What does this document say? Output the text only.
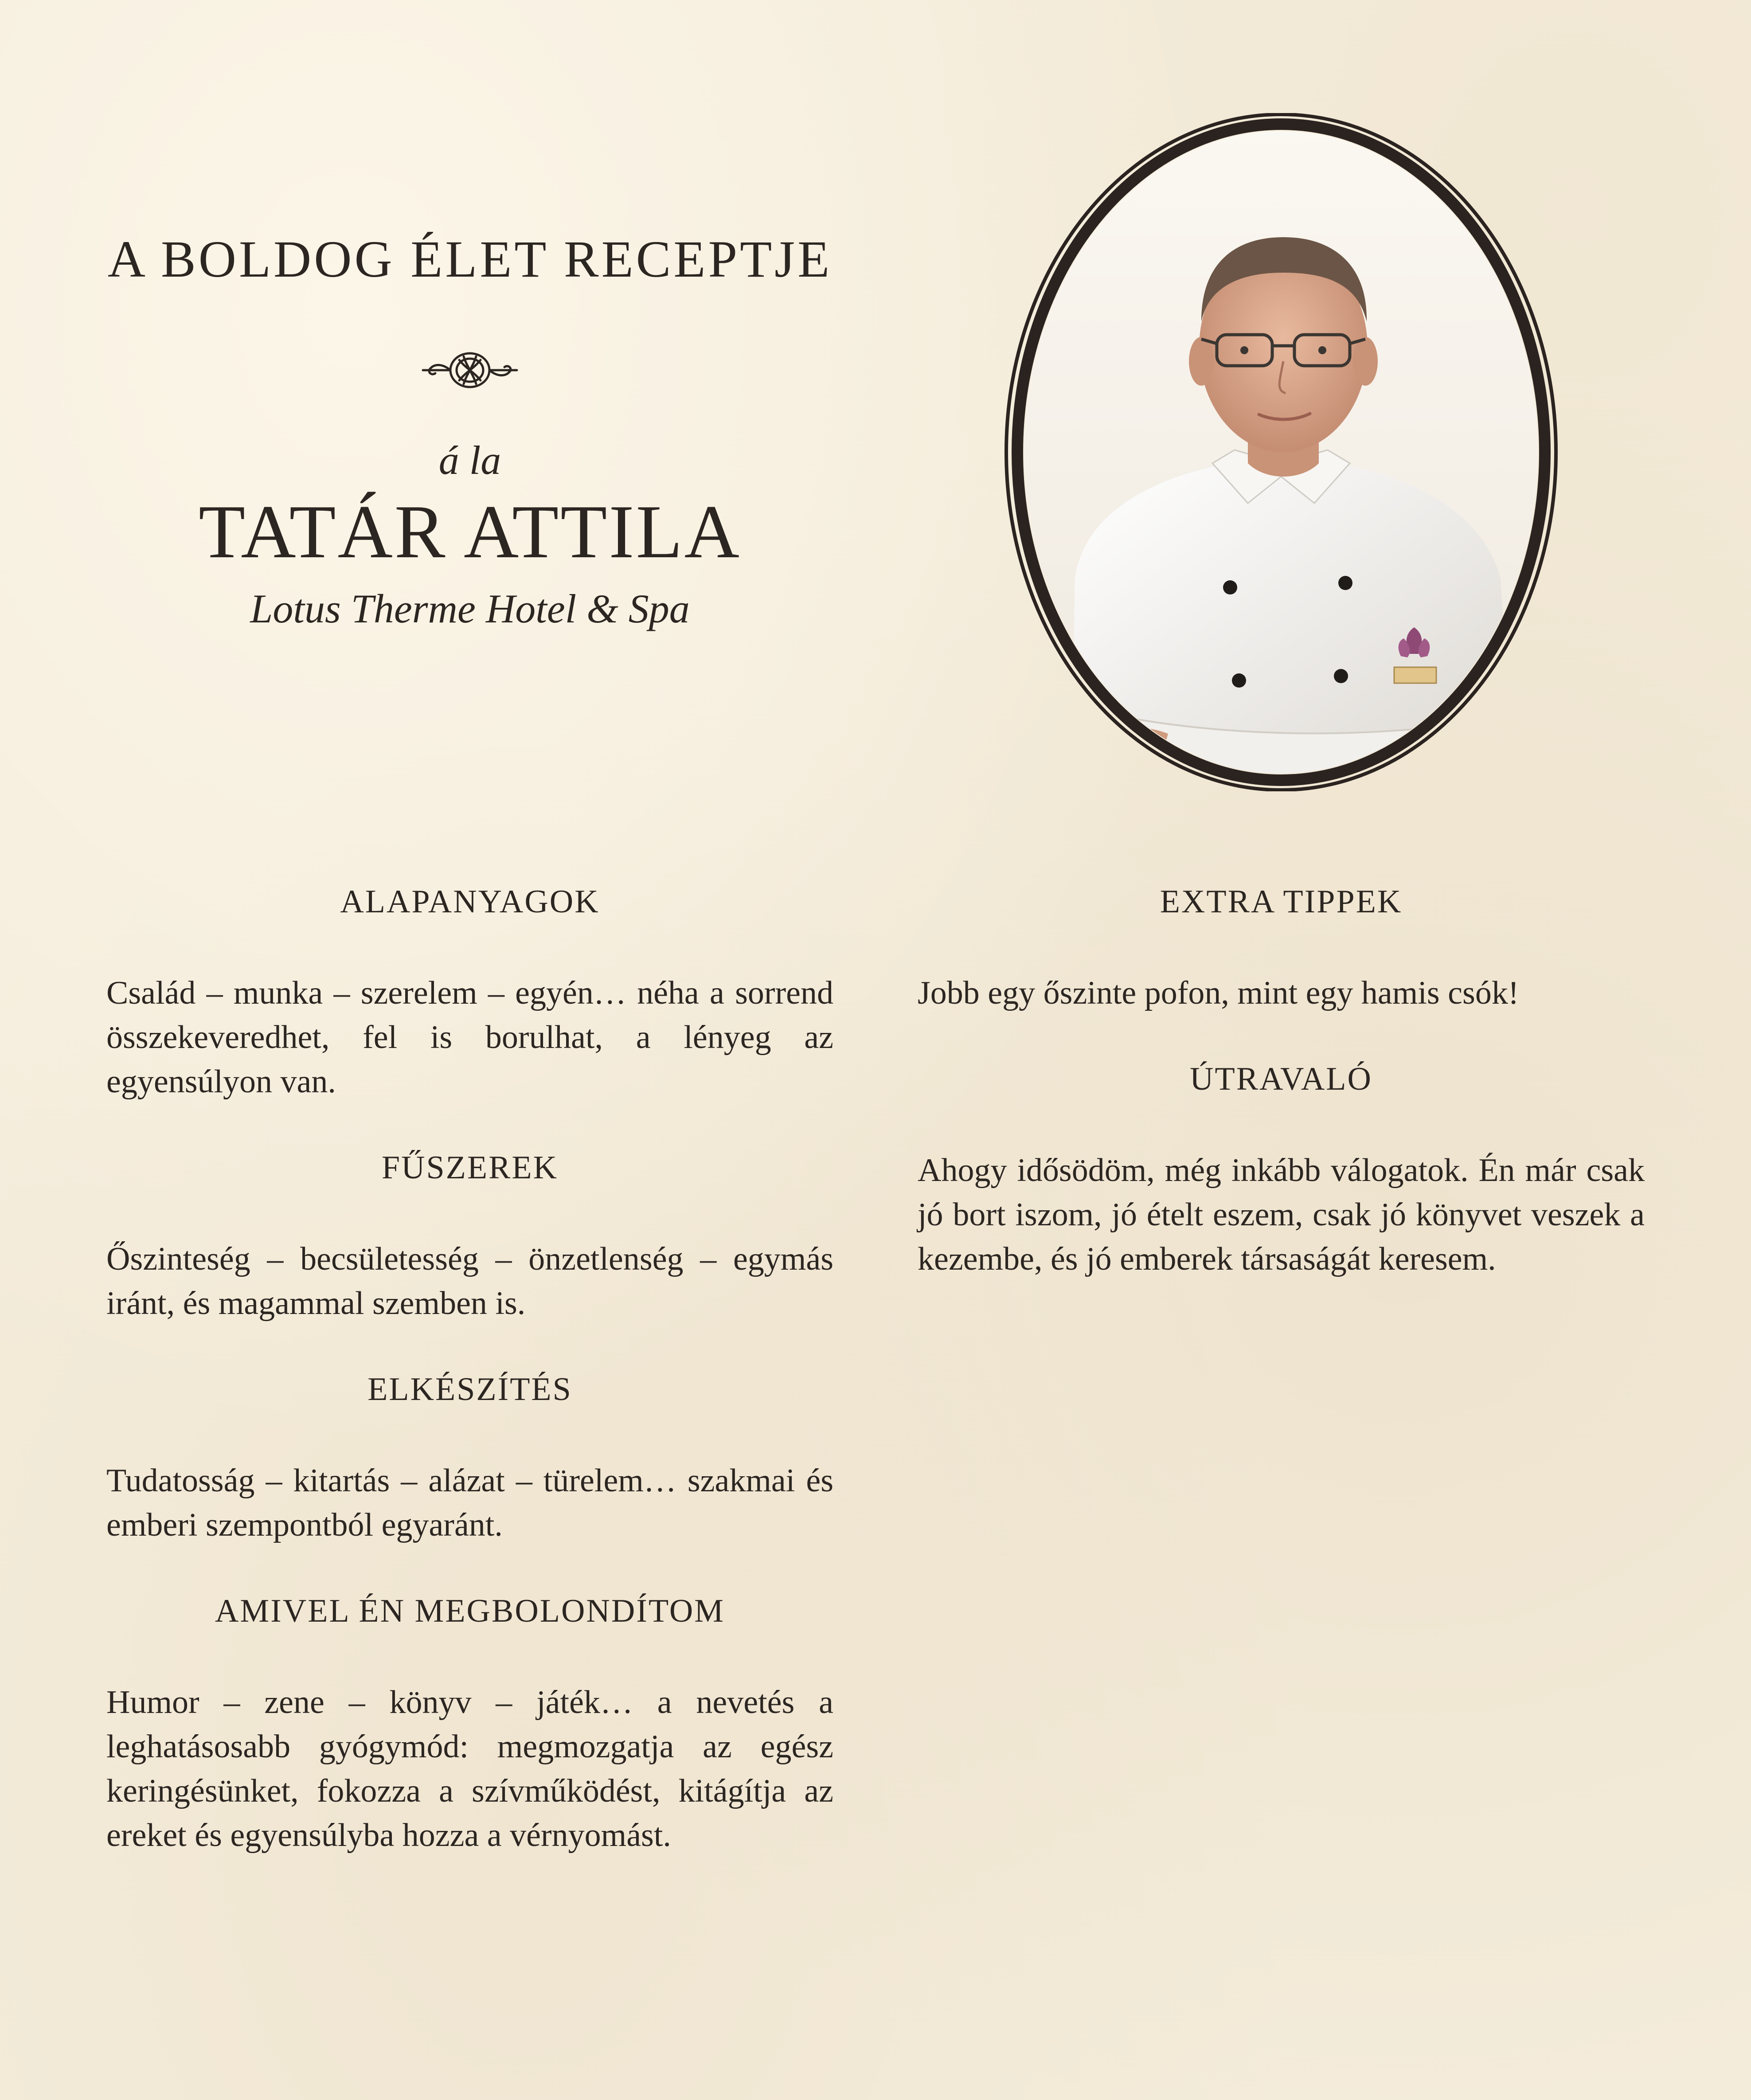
A BOLDOG ÉLET RECEPTJE
á la
TATÁR ATTILA
Lotus Therme Hotel & Spa
ALAPANYAGOK
Család – munka – szerelem – egyén… néha a sorrend összekeveredhet, fel is borulhat, a lényeg az egyensúlyon van.
FŰSZEREK
Őszinteség – becsületesség – önzetlenség – egymás iránt, és magammal szemben is.
ELKÉSZÍTÉS
Tudatosság – kitartás – alázat – türelem… szakmai és emberi szempontból egyaránt.
AMIVEL ÉN MEGBOLONDÍTOM
Humor – zene – könyv – játék… a nevetés a leghatásosabb gyógymód: megmozgatja az egész keringésünket, fokozza a szívműködést, kitágítja az ereket és egyensúlyba hozza a vérnyomást.
EXTRA TIPPEK
Jobb egy őszinte pofon, mint egy hamis csók!
ÚTRAVALÓ
Ahogy idősödöm, még inkább válogatok. Én már csak jó bort iszom, jó ételt eszem, csak jó könyvet veszek a kezembe, és jó emberek társaságát keresem.
